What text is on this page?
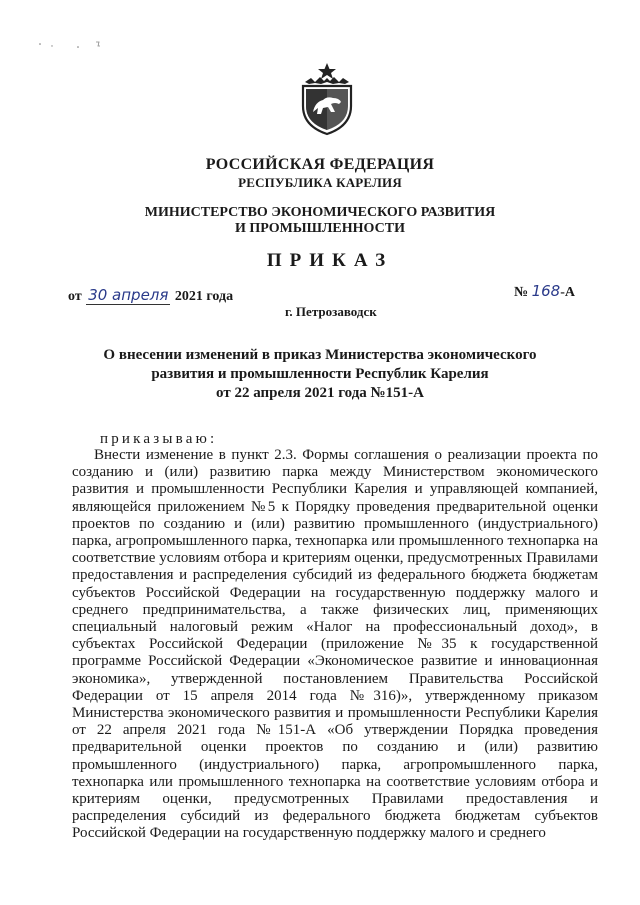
РОССИЙСКАЯ ФЕДЕРАЦИЯ
РЕСПУБЛИКА КАРЕЛИЯ
МИНИСТЕРСТВО ЭКОНОМИЧЕСКОГО РАЗВИТИЯ
И ПРОМЫШЛЕННОСТИ
ПРИКАЗ
от 30 апреля 2021 года	№ 168-А
г. Петрозаводск
О внесении изменений в приказ Министерства экономического
развития и промышленности Республик Карелия
от 22 апреля 2021 года №151-А
приказываю:

Внести изменение в пункт 2.3. Формы соглашения о реализации проекта по созданию и (или) развитию парка между Министерством экономического развития и промышленности Республики Карелия и управляющей компанией, являющейся приложением №5 к Порядку проведения предварительной оценки проектов по созданию и (или) развитию промышленного (индустриального) парка, агропромышленного парка, технопарка или промышленного технопарка на соответствие условиям отбора и критериям оценки, предусмотренных Правилами предоставления и распределения субсидий из федерального бюджета бюджетам субъектов Российской Федерации на государственную поддержку малого и среднего предпринимательства, а также физических лиц, применяющих специальный налоговый режим «Налог на профессиональный доход», в субъектах Российской Федерации (приложение №35 к государственной программе Российской Федерации «Экономическое развитие и инновационная экономика», утвержденной постановлением Правительства Российской Федерации от 15 апреля 2014 года №316)», утвержденному приказом Министерства экономического развития и промышленности Республики Карелия от 22 апреля 2021 года №151-А «Об утверждении Порядка проведения предварительной оценки проектов по созданию и (или) развитию промышленного (индустриального) парка, агропромышленного парка, технопарка или промышленного технопарка на соответствие условиям отбора и критериям оценки, предусмотренных Правилами предоставления и распределения субсидий из федерального бюджета бюджетам субъектов Российской Федерации на государственную поддержку малого и среднего
